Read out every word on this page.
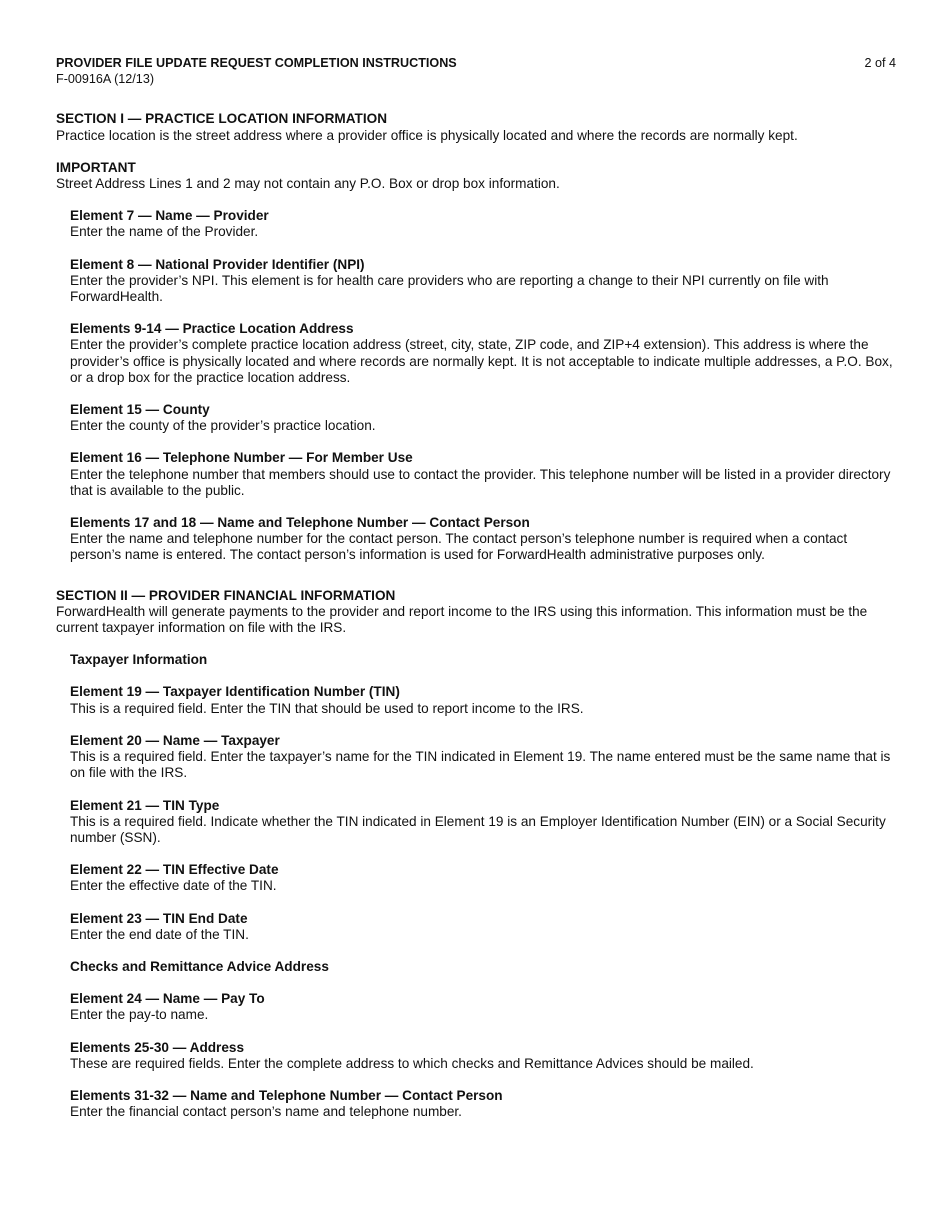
PROVIDER FILE UPDATE REQUEST COMPLETION INSTRUCTIONS	2 of 4
F-00916A (12/13)
SECTION I — PRACTICE LOCATION INFORMATION
Practice location is the street address where a provider office is physically located and where the records are normally kept.
IMPORTANT
Street Address Lines 1 and 2 may not contain any P.O. Box or drop box information.
Element 7 — Name — Provider
Enter the name of the Provider.
Element 8 — National Provider Identifier (NPI)
Enter the provider’s NPI. This element is for health care providers who are reporting a change to their NPI currently on file with ForwardHealth.
Elements 9-14 — Practice Location Address
Enter the provider’s complete practice location address (street, city, state, ZIP code, and ZIP+4 extension). This address is where the provider’s office is physically located and where records are normally kept. It is not acceptable to indicate multiple addresses, a P.O. Box, or a drop box for the practice location address.
Element 15 — County
Enter the county of the provider’s practice location.
Element 16 — Telephone Number — For Member Use
Enter the telephone number that members should use to contact the provider. This telephone number will be listed in a provider directory that is available to the public.
Elements 17 and 18 — Name and Telephone Number — Contact Person
Enter the name and telephone number for the contact person. The contact person’s telephone number is required when a contact person’s name is entered. The contact person’s information is used for ForwardHealth administrative purposes only.
SECTION II — PROVIDER FINANCIAL INFORMATION
ForwardHealth will generate payments to the provider and report income to the IRS using this information. This information must be the current taxpayer information on file with the IRS.
Taxpayer Information
Element 19 — Taxpayer Identification Number (TIN)
This is a required field. Enter the TIN that should be used to report income to the IRS.
Element 20 — Name — Taxpayer
This is a required field. Enter the taxpayer’s name for the TIN indicated in Element 19. The name entered must be the same name that is on file with the IRS.
Element 21 — TIN Type
This is a required field. Indicate whether the TIN indicated in Element 19 is an Employer Identification Number (EIN) or a Social Security number (SSN).
Element 22 — TIN Effective Date
Enter the effective date of the TIN.
Element 23 — TIN End Date
Enter the end date of the TIN.
Checks and Remittance Advice Address
Element 24 — Name — Pay To
Enter the pay-to name.
Elements 25-30 — Address
These are required fields. Enter the complete address to which checks and Remittance Advices should be mailed.
Elements 31-32 — Name and Telephone Number — Contact Person
Enter the financial contact person’s name and telephone number.
